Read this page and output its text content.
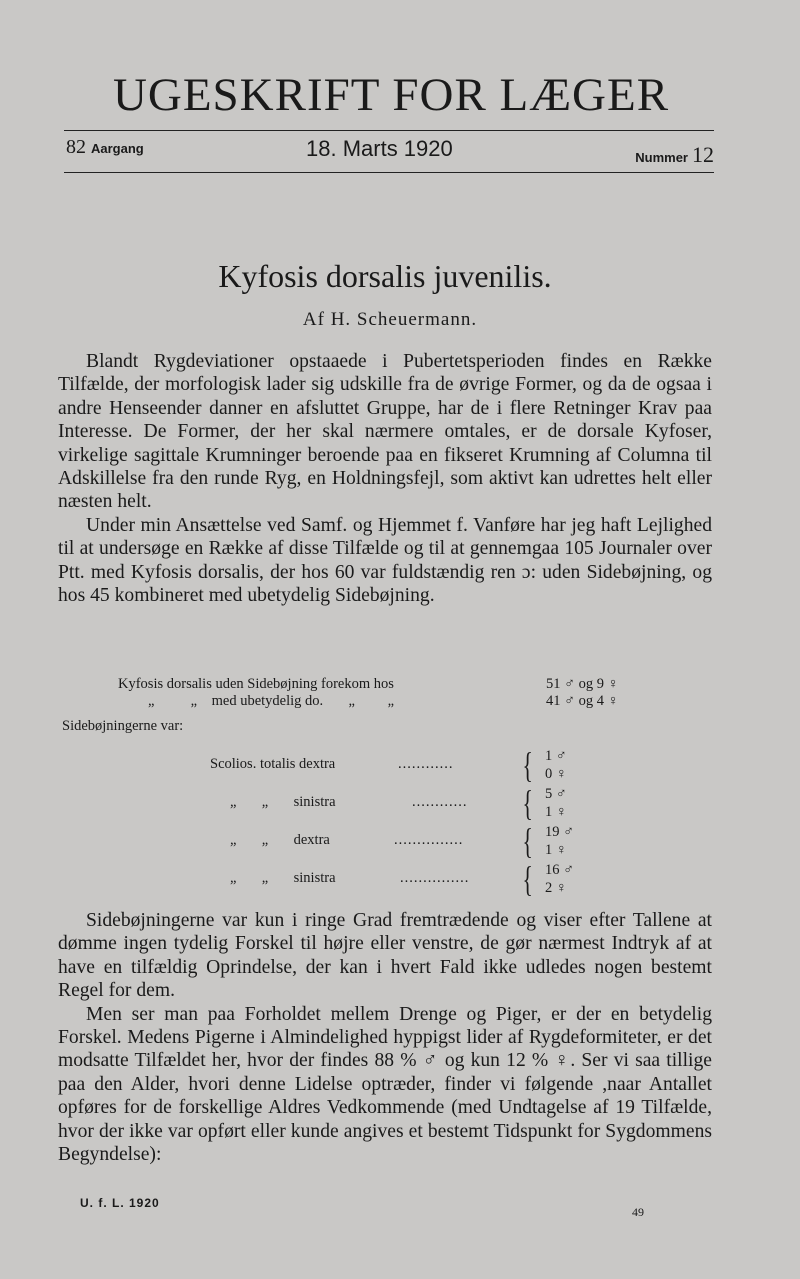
UGESKRIFT FOR LÆGER
82 Aargang	18. Marts 1920	Nummer 12
Kyfosis dorsalis juvenilis.
Af H. Scheuermann.

Blandt Rygdeviationer opstaaede i Pubertetsperioden findes en Række Tilfælde, der morfologisk lader sig udskille fra de øvrige Former, og da de ogsaa i andre Henseender danner en afsluttet Gruppe, har de i flere Retninger Krav paa Interesse. De Former, der her skal nærmere omtales, er de dorsale Kyfoser, virkelige sagittale Krumninger beroende paa en fikseret Krumning af Columna til Adskillelse fra den runde Ryg, en Holdningsfejl, som aktivt kan udrettes helt eller næsten helt.

Under min Ansættelse ved Samf. og Hjemmet f. Vanføre har jeg haft Lejlighed til at undersøge en Række af disse Tilfælde og til at gennemgaa 105 Journaler over Ptt. med Kyfosis dorsalis, der hos 60 var fuldstændig ren ɔ: uden Sidebøjning, og hos 45 kombineret med ubetydelig Sidebøjning.

Kyfosis dorsalis uden Sidebøjning forekom hos	51 ♂ og 9 ♀
„          „    med ubetydelig do.       „         „	41 ♂ og 4 ♀
Sidebøjningerne var:
Scolios. totalis dextra	............ { 1 ♂
0 ♀
„       „       sinistra	............ { 5 ♂
1 ♀
„       „       dextra	............... { 19 ♂
1 ♀
„       „       sinistra	............... { 16 ♂
2 ♀

Sidebøjningerne var kun i ringe Grad fremtrædende og viser efter Tallene at dømme ingen tydelig Forskel til højre eller venstre, de gør nærmest Indtryk af at have en tilfældig Oprindelse, der kan i hvert Fald ikke udledes nogen bestemt Regel for dem.

Men ser man paa Forholdet mellem Drenge og Piger, er der en betydelig Forskel. Medens Pigerne i Almindelighed hyppigst lider af Rygdeformiteter, er det modsatte Tilfældet her, hvor der findes 88 % ♂ og kun 12 % ♀. Ser vi saa tillige paa den Alder, hvori denne Lidelse optræder, finder vi følgende ,naar Antallet opføres for de forskellige Aldres Vedkommende (med Undtagelse af 19 Tilfælde, hvor der ikke var opført eller kunde angives et bestemt Tidspunkt for Sygdommens Begyndelse):

U. f. L. 1920
49
